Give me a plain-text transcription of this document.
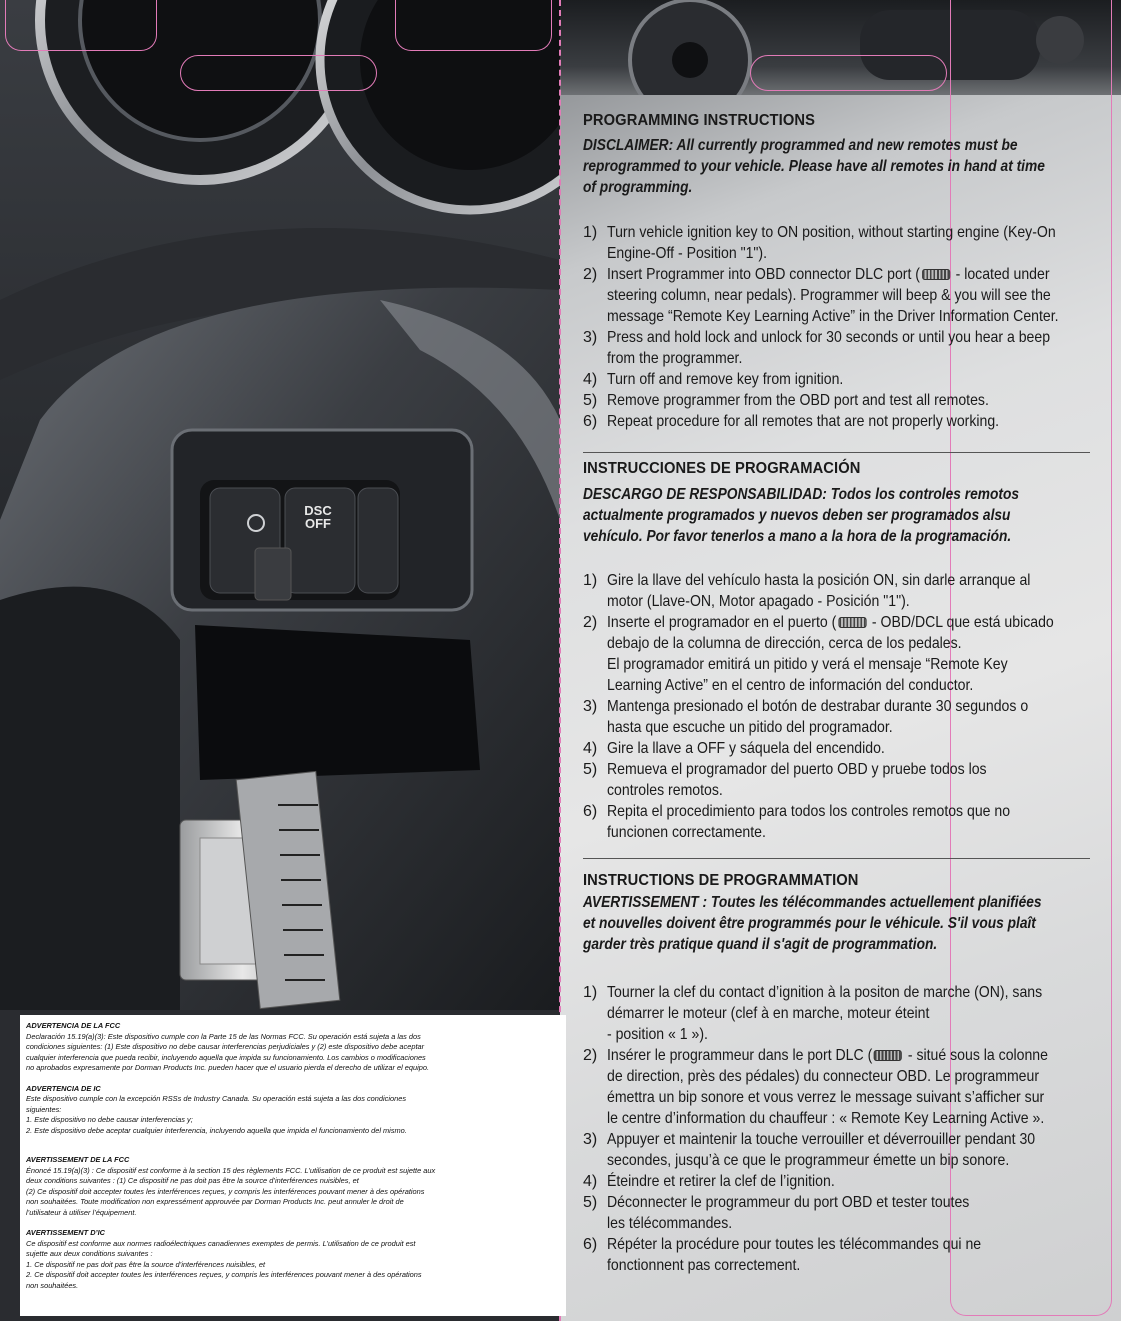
DSC
OFF
PROGRAMMING INSTRUCTIONS
DISCLAIMER: All currently programmed and new remotes must be
reprogrammed to your vehicle. Please have all remotes in hand at time
of programming.
1) Turn vehicle ignition key to ON position, without starting engine (Key-On
Engine-Off - Position "1").
2) Insert Programmer into OBD connector DLC port ( - located under
steering column, near pedals). Programmer will beep & you will see the
message “Remote Key Learning Active” in the Driver Information Center.
3) Press and hold lock and unlock for 30 seconds or until you hear a beep
from the programmer.
4) Turn off and remove key from ignition.
5) Remove programmer from the OBD port and test all remotes.
6) Repeat procedure for all remotes that are not properly working.
INSTRUCCIONES DE PROGRAMACIÓN
DESCARGO DE RESPONSABILIDAD: Todos los controles remotos
actualmente programados y nuevos deben ser programados alsu
vehículo. Por favor tenerlos a mano a la hora de la programación.
1) Gire la llave del vehículo hasta la posición ON, sin darle arranque al
motor (Llave-ON, Motor apagado - Posición "1").
2) Inserte el programador en el puerto ( - OBD/DCL que está ubicado
debajo de la columna de dirección, cerca de los pedales.
El programador emitirá un pitido y verá el mensaje “Remote Key
Learning Active” en el centro de información del conductor.
3) Mantenga presionado el botón de destrabar durante 30 segundos o
hasta que escuche un pitido del programador.
4) Gire la llave a OFF y sáquela del encendido.
5) Remueva el programador del puerto OBD y pruebe todos los
controles remotos.
6) Repita el procedimiento para todos los controles remotos que no
funcionen correctamente.
INSTRUCTIONS DE PROGRAMMATION
AVERTISSEMENT : Toutes les télécommandes actuellement planifiées
et nouvelles doivent être programmés pour le véhicule. S'il vous plaît
garder très pratique quand il s'agit de programmation.
1) Tourner la clef du contact d’ignition à la positon de marche (ON), sans
démarrer le moteur (clef à en marche, moteur éteint
- position « 1 »).
2) Insérer le programmeur dans le port DLC ( - situé sous la colonne
de direction, près des pédales) du connecteur OBD. Le programmeur
émettra un bip sonore et vous verrez le message suivant s’afficher sur
le centre d’information du chauffeur : « Remote Key Learning Active ».
3) Appuyer et maintenir la touche verrouiller et déverrouiller pendant 30
secondes, jusqu’à ce que le programmeur émette un bip sonore.
4) Éteindre et retirer la clef de l’ignition.
5) Déconnecter le programmeur du port OBD et tester toutes
les télécommandes.
6) Répéter la procédure pour toutes les télécommandes qui ne
fonctionnent pas correctement.

ADVERTENCIA DE LA FCC

Declaración 15.19(a)(3): Este dispositivo cumple con la Parte 15 de las Normas FCC. Su operación está sujeta a las dos

condiciones siguientes: (1) Este dispositivo no debe causar interferencias perjudiciales y (2) este dispositivo debe aceptar

cualquier interferencia que pueda recibir, incluyendo aquella que impida su funcionamiento. Los cambios o modificaciones

no aprobados expresamente por Dorman Products Inc. pueden hacer que el usuario pierda el derecho de utilizar el equipo.

ADVERTENCIA DE IC

Este dispositivo cumple con la excepción RSSs de Industry Canada. Su operación está sujeta a las dos condiciones

siguientes:

1. Este dispositivo no debe causar interferencias y;

2. Este dispositivo debe aceptar cualquier interferencia, incluyendo aquella que impida el funcionamiento del mismo.

AVERTISSEMENT DE LA FCC

Énoncé 15.19(a)(3) : Ce dispositif est conforme à la section 15 des règlements FCC. L’utilisation de ce produit est sujette aux

deux conditions suivantes : (1) Ce dispositif ne pas doit pas être la source d’interférences nuisibles, et

(2) Ce dispositif doit accepter toutes les interférences reçues, y compris les interférences pouvant mener à des opérations

non souhaitées. Toute modification non expressément approuvée par Dorman Products Inc. peut annuler le droit de

l’utilisateur à utiliser l’équipement.

AVERTISSEMENT D’IC

Ce dispositif est conforme aux normes radioélectriques canadiennes exemptes de permis. L’utilisation de ce produit est

sujette aux deux conditions suivantes :

1. Ce dispositif ne pas doit pas être la source d’interférences nuisibles, et

2. Ce dispositif doit accepter toutes les interférences reçues, y compris les interférences pouvant mener à des opérations

non souhaitées.
